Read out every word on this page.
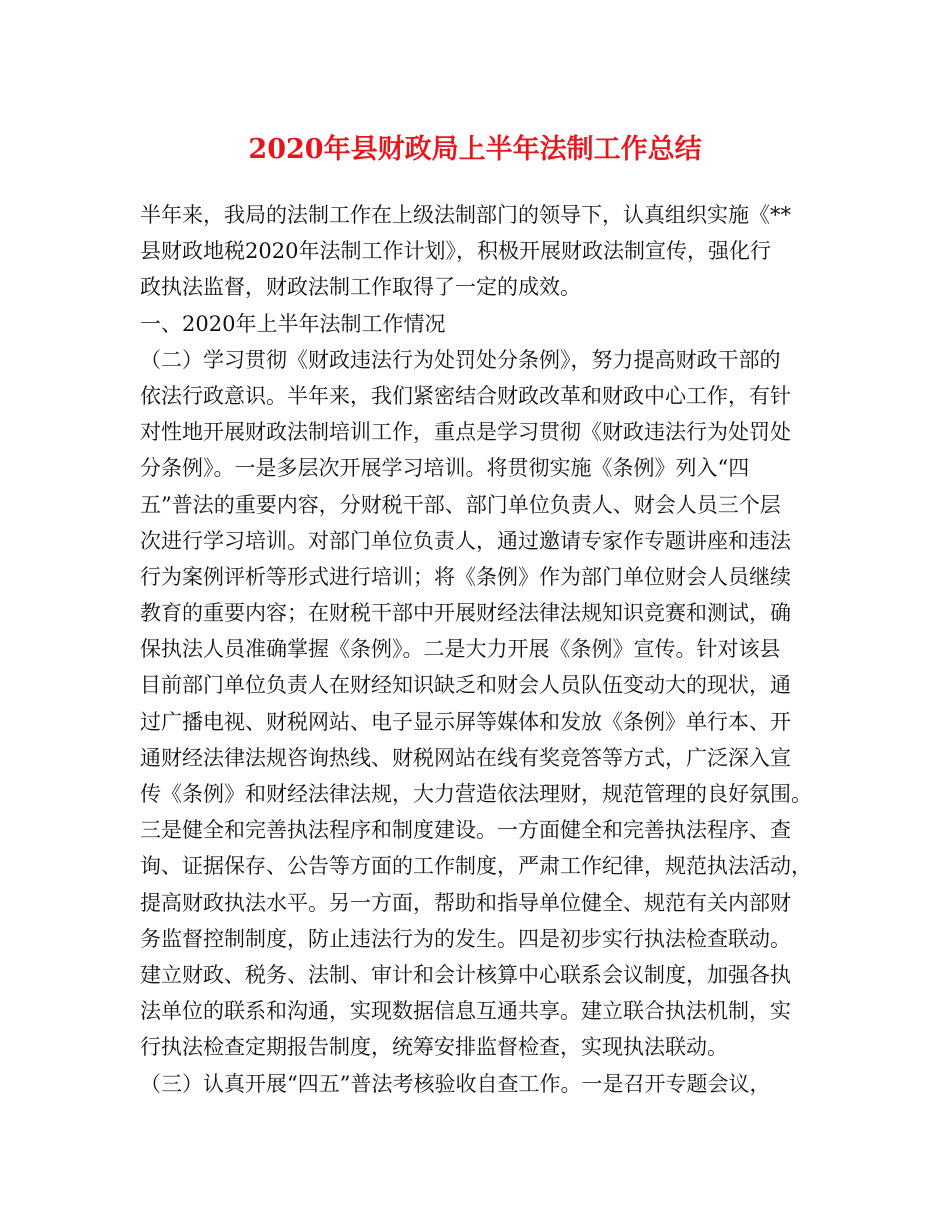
2020年县财政局上半年法制工作总结
半年来，我局的法制工作在上级法制部门的领导下，认真组织实施《**
县财政地税2020年法制工作计划》，积极开展财政法制宣传，强化行
政执法监督，财政法制工作取得了一定的成效。
一、2020年上半年法制工作情况
（二）学习贯彻《财政违法行为处罚处分条例》，努力提高财政干部的
依法行政意识。半年来，我们紧密结合财政改革和财政中心工作，有针
对性地开展财政法制培训工作，重点是学习贯彻《财政违法行为处罚处
分条例》。一是多层次开展学习培训。将贯彻实施《条例》列入“四
五”普法的重要内容，分财税干部、部门单位负责人、财会人员三个层
次进行学习培训。对部门单位负责人，通过邀请专家作专题讲座和违法
行为案例评析等形式进行培训；将《条例》作为部门单位财会人员继续
教育的重要内容；在财税干部中开展财经法律法规知识竞赛和测试，确
保执法人员准确掌握《条例》。二是大力开展《条例》宣传。针对该县
目前部门单位负责人在财经知识缺乏和财会人员队伍变动大的现状，通
过广播电视、财税网站、电子显示屏等媒体和发放《条例》单行本、开
通财经法律法规咨询热线、财税网站在线有奖竞答等方式，广泛深入宣
传《条例》和财经法律法规，大力营造依法理财，规范管理的良好氛围。
三是健全和完善执法程序和制度建设。一方面健全和完善执法程序、查
询、证据保存、公告等方面的工作制度，严肃工作纪律，规范执法活动，
提高财政执法水平。另一方面，帮助和指导单位健全、规范有关内部财
务监督控制制度，防止违法行为的发生。四是初步实行执法检查联动。
建立财政、税务、法制、审计和会计核算中心联系会议制度，加强各执
法单位的联系和沟通，实现数据信息互通共享。建立联合执法机制，实
行执法检查定期报告制度，统筹安排监督检查，实现执法联动。
（三）认真开展“四五”普法考核验收自查工作。一是召开专题会议，
